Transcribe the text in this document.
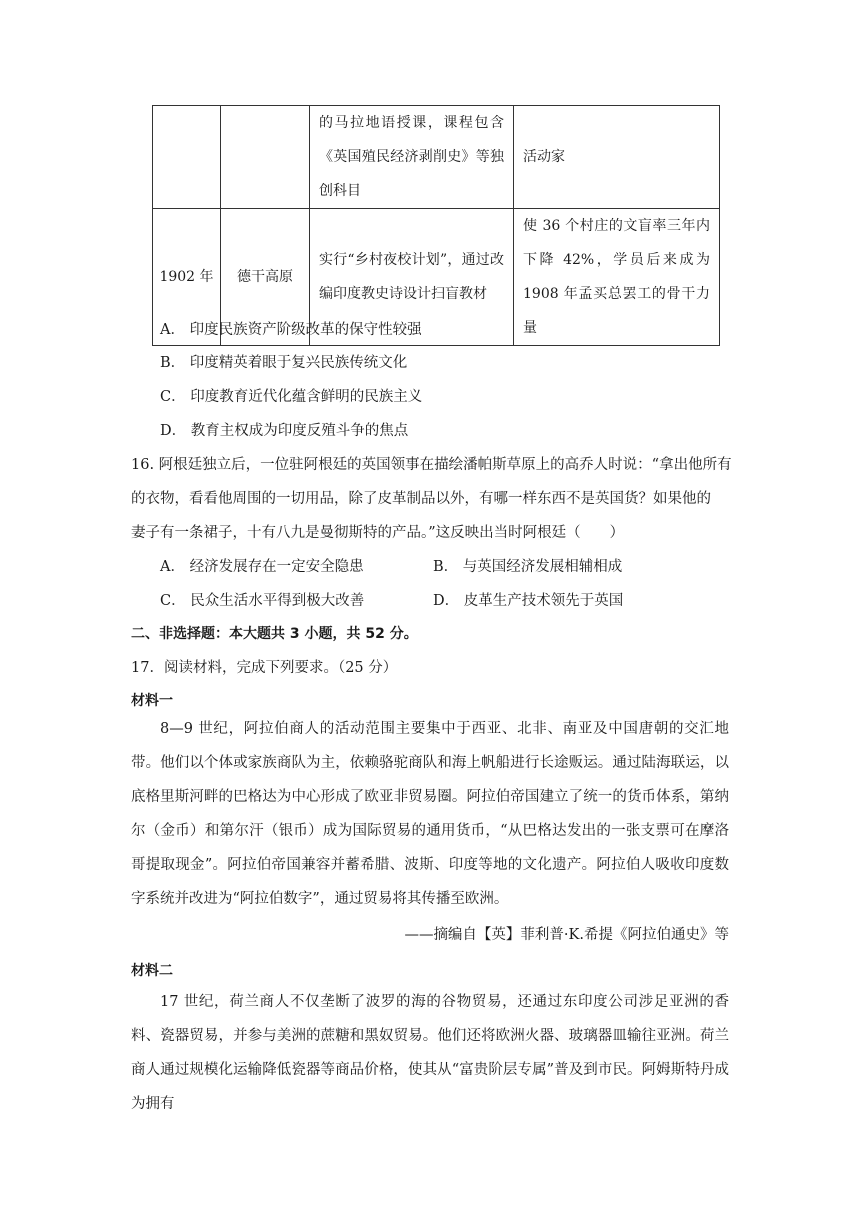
		的马拉地语授课，课程包含《英国殖民经济剥削史》等独创科目	活动家
1902 年	德干高原	实行“乡村夜校计划”，通过改编印度教史诗设计扫盲教材	使 36 个村庄的文盲率三年内下降 42%，学员后来成为 1908 年孟买总罢工的骨干力量
A． 印度民族资产阶级改革的保守性较强
B． 印度精英着眼于复兴民族传统文化
C． 印度教育近代化蕴含鲜明的民族主义
D． 教育主权成为印度反殖斗争的焦点
16. 阿根廷独立后，一位驻阿根廷的英国领事在描绘潘帕斯草原上的高乔人时说：“拿出他所有
的衣物，看看他周围的一切用品，除了皮革制品以外，有哪一样东西不是英国货？如果他的
妻子有一条裙子，十有八九是曼彻斯特的产品。”这反映出当时阿根廷（　　）
A． 经济发展存在一定安全隐患	B． 与英国经济发展相辅相成
C． 民众生活水平得到极大改善	D． 皮革生产技术领先于英国
二、非选择题：本大题共 3 小题，共 52 分。
17．阅读材料，完成下列要求。（25 分）
材料一
8—9 世纪，阿拉伯商人的活动范围主要集中于西亚、北非、南亚及中国唐朝的交汇地带。他们以个体或家族商队为主，依赖骆驼商队和海上帆船进行长途贩运。通过陆海联运，以底格里斯河畔的巴格达为中心形成了欧亚非贸易圈。阿拉伯帝国建立了统一的货币体系，第纳尔（金币）和第尔汗（银币）成为国际贸易的通用货币，“从巴格达发出的一张支票可在摩洛哥提取现金”。阿拉伯帝国兼容并蓄希腊、波斯、印度等地的文化遗产。阿拉伯人吸收印度数字系统并改进为“阿拉伯数字”，通过贸易将其传播至欧洲。
——摘编自【英】菲利普·K.希提《阿拉伯通史》等
材料二
17 世纪，荷兰商人不仅垄断了波罗的海的谷物贸易，还通过东印度公司涉足亚洲的香料、瓷器贸易，并参与美洲的蔗糖和黑奴贸易。他们还将欧洲火器、玻璃器皿输往亚洲。荷兰商人通过规模化运输降低瓷器等商品价格，使其从“富贵阶层专属”普及到市民。阿姆斯特丹成为拥有
